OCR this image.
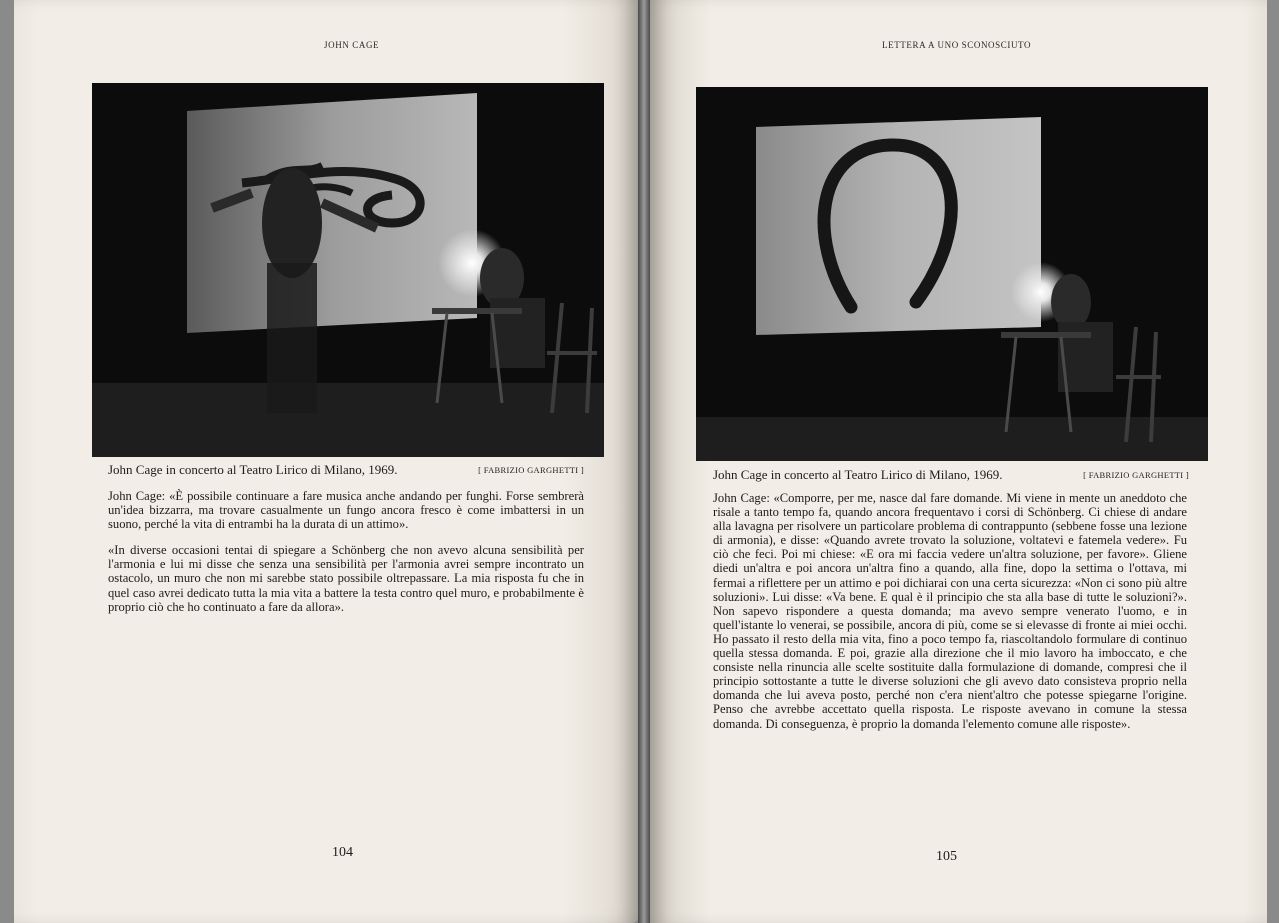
JOHN CAGE
John Cage in concerto al Teatro Lirico di Milano, 1969.	[ FABRIZIO GARGHETTI ]

John Cage: «È possibile continuare a fare musica anche andando per funghi. Forse sembrerà un'idea bizzarra, ma trovare casualmente un fungo ancora fresco è come imbattersi in un suono, perché la vita di entrambi ha la durata di un attimo».

«In diverse occasioni tentai di spiegare a Schönberg che non avevo alcuna sensibilità per l'armonia e lui mi disse che senza una sensibilità per l'armonia avrei sempre incontrato un ostacolo, un muro che non mi sarebbe stato possibile oltrepassare. La mia risposta fu che in quel caso avrei dedicato tutta la mia vita a battere la testa contro quel muro, e probabilmente è proprio ciò che ho continuato a fare da allora».

104
LETTERA A UNO SCONOSCIUTO
John Cage in concerto al Teatro Lirico di Milano, 1969.	[ FABRIZIO GARGHETTI ]

John Cage: «Comporre, per me, nasce dal fare domande. Mi viene in mente un aneddoto che risale a tanto tempo fa, quando ancora frequentavo i corsi di Schönberg. Ci chiese di andare alla lavagna per risolvere un particolare problema di contrappunto (sebbene fosse una lezione di armonia), e disse: «Quando avrete trovato la soluzione, voltatevi e fatemela vedere». Fu ciò che feci. Poi mi chiese: «E ora mi faccia vedere un'altra soluzione, per favore». Gliene diedi un'altra e poi ancora un'altra fino a quando, alla fine, dopo la settima o l'ottava, mi fermai a riflettere per un attimo e poi dichiarai con una certa sicurezza: «Non ci sono più altre soluzioni». Lui disse: «Va bene. E qual è il principio che sta alla base di tutte le soluzioni?». Non sapevo rispondere a questa domanda; ma avevo sempre venerato l'uomo, e in quell'istante lo venerai, se possibile, ancora di più, come se si elevasse di fronte ai miei occhi. Ho passato il resto della mia vita, fino a poco tempo fa, riascoltandolo formulare di continuo quella stessa domanda. E poi, grazie alla direzione che il mio lavoro ha imboccato, e che consiste nella rinuncia alle scelte sostituite dalla formulazione di domande, compresi che il principio sottostante a tutte le diverse soluzioni che gli avevo dato consisteva proprio nella domanda che lui aveva posto, perché non c'era nient'altro che potesse spiegarne l'origine. Penso che avrebbe accettato quella risposta. Le risposte avevano in comune la stessa domanda. Di conseguenza, è proprio la domanda l'elemento comune alle risposte».

105
